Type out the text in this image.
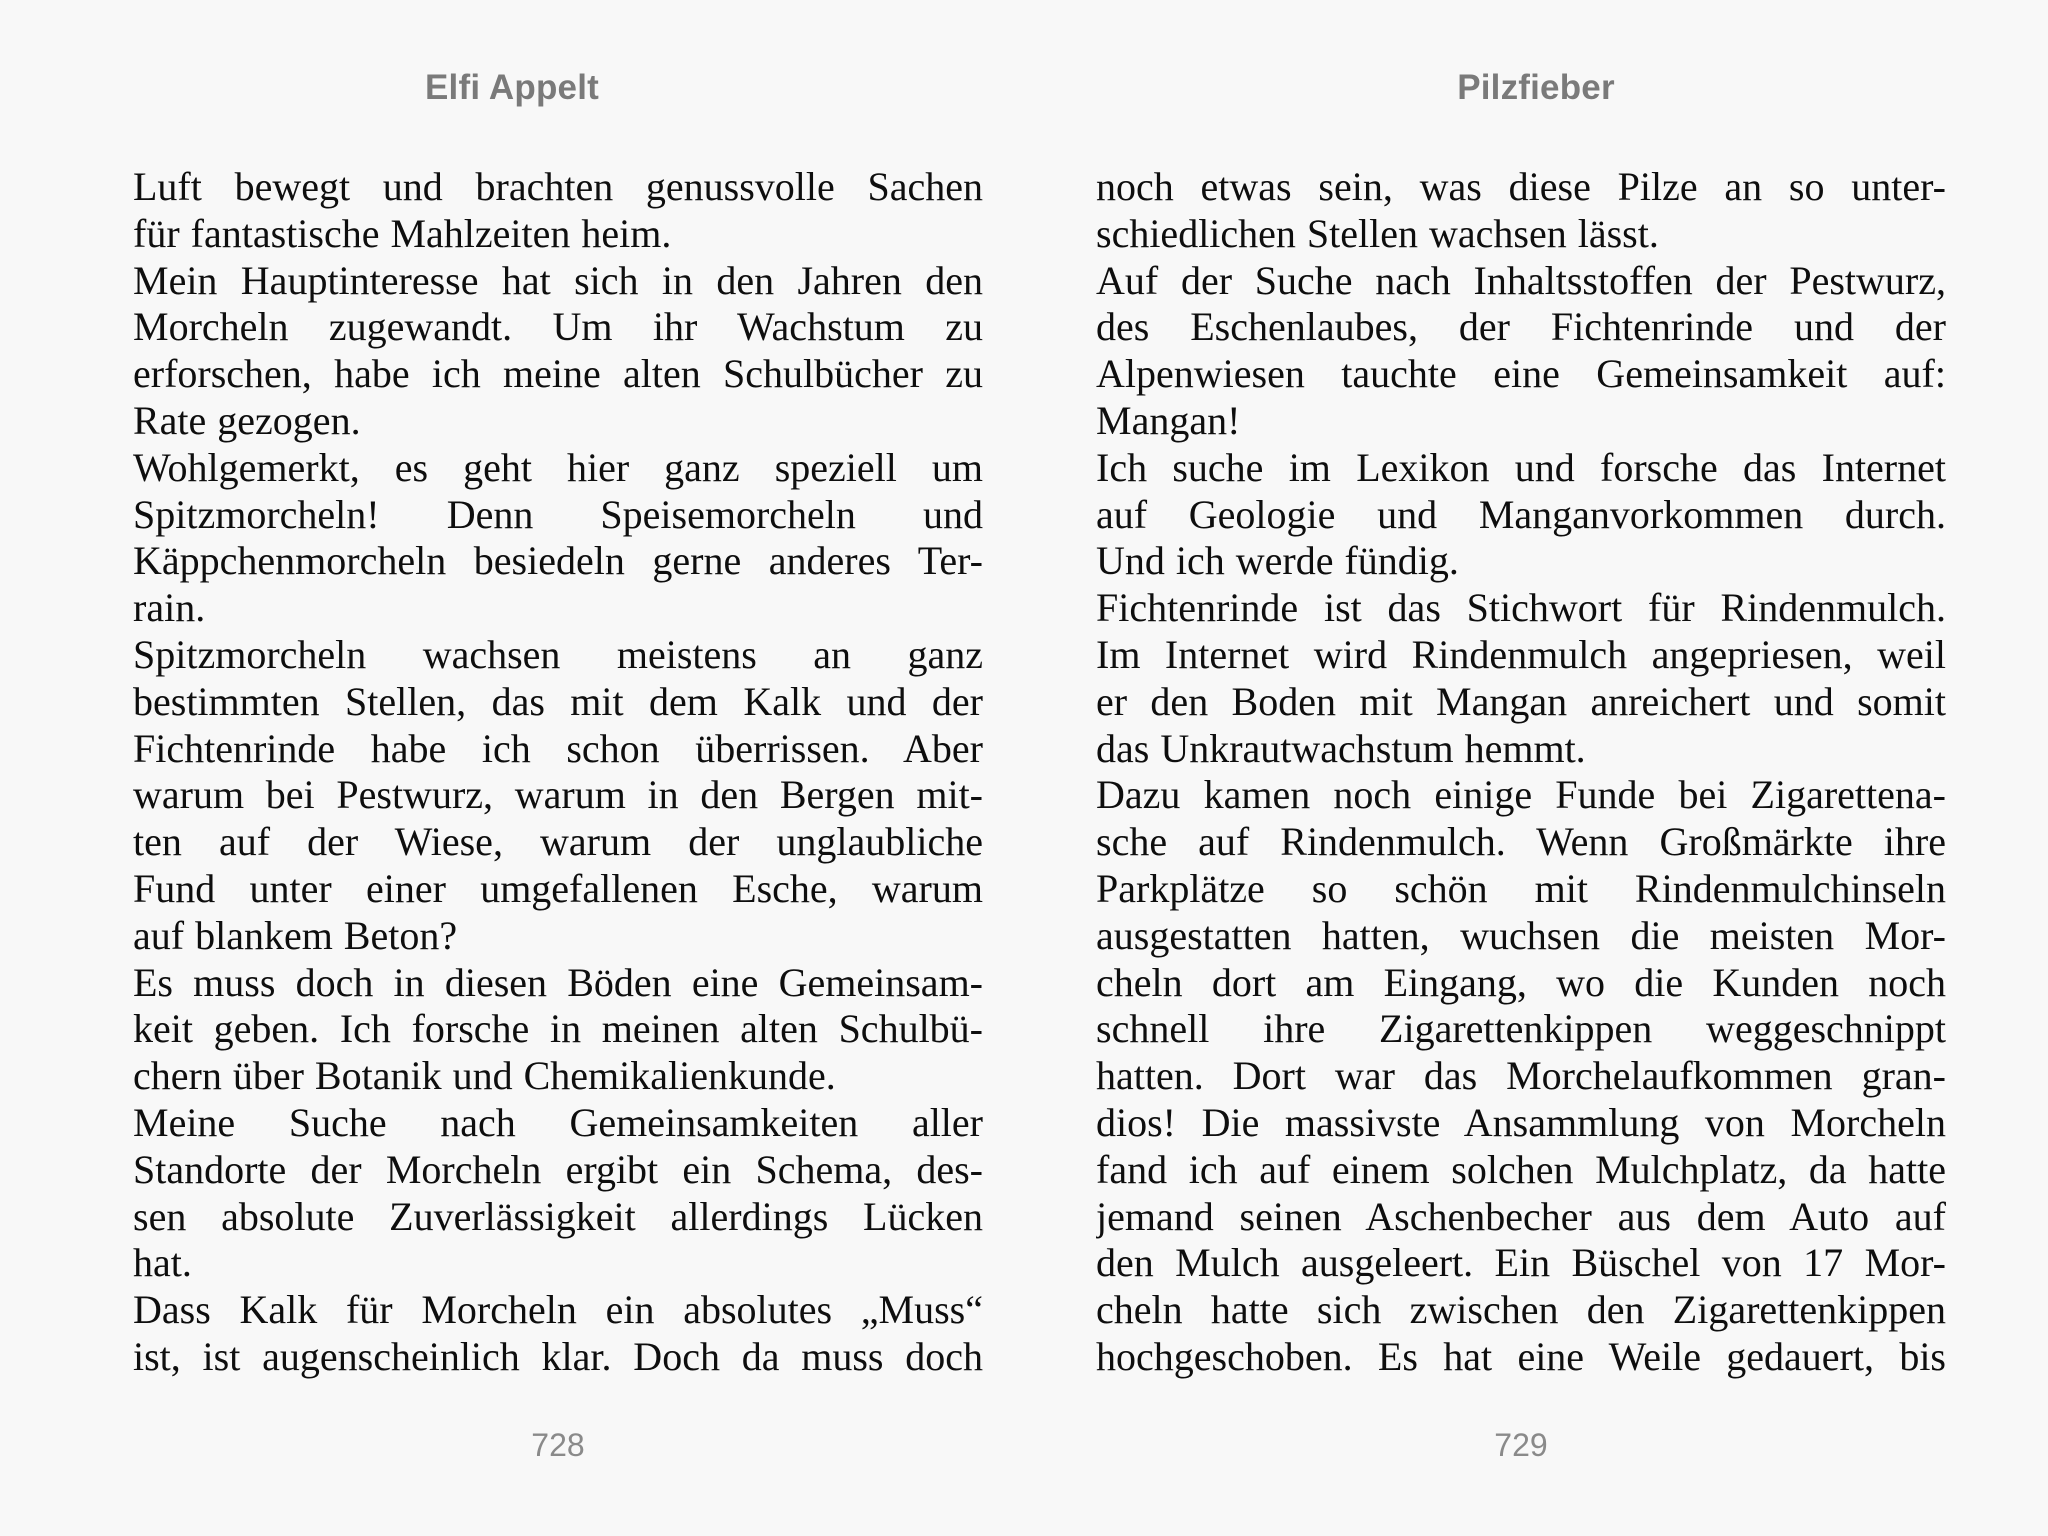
Elfi Appelt
Luft bewegt und brachten genussvolle Sachen
für fantastische Mahlzeiten heim.
Mein Hauptinteresse hat sich in den Jahren den
Morcheln zugewandt. Um ihr Wachstum zu
erforschen, habe ich meine alten Schulbücher zu
Rate gezogen.
Wohlgemerkt, es geht hier ganz speziell um
Spitzmorcheln! Denn Speisemorcheln und
Käppchenmorcheln besiedeln gerne anderes Ter-
rain.
Spitzmorcheln wachsen meistens an ganz
bestimmten Stellen, das mit dem Kalk und der
Fichtenrinde habe ich schon überrissen. Aber
warum bei Pestwurz, warum in den Bergen mit-
ten auf der Wiese, warum der unglaubliche
Fund unter einer umgefallenen Esche, warum
auf blankem Beton?
Es muss doch in diesen Böden eine Gemeinsam-
keit geben. Ich forsche in meinen alten Schulbü-
chern über Botanik und Chemikalienkunde.
Meine Suche nach Gemeinsamkeiten aller
Standorte der Morcheln ergibt ein Schema, des-
sen absolute Zuverlässigkeit allerdings Lücken
hat.
Dass Kalk für Morcheln ein absolutes „Muss“
ist, ist augenscheinlich klar. Doch da muss doch
728
Pilzfieber
noch etwas sein, was diese Pilze an so unter-
schiedlichen Stellen wachsen lässt.
Auf der Suche nach Inhaltsstoffen der Pestwurz,
des Eschenlaubes, der Fichtenrinde und der
Alpenwiesen tauchte eine Gemeinsamkeit auf:
Mangan!
Ich suche im Lexikon und forsche das Internet
auf Geologie und Manganvorkommen durch.
Und ich werde fündig.
Fichtenrinde ist das Stichwort für Rindenmulch.
Im Internet wird Rindenmulch angepriesen, weil
er den Boden mit Mangan anreichert und somit
das Unkrautwachstum hemmt.
Dazu kamen noch einige Funde bei Zigarettena-
sche auf Rindenmulch. Wenn Großmärkte ihre
Parkplätze so schön mit Rindenmulchinseln
ausgestatten hatten, wuchsen die meisten Mor-
cheln dort am Eingang, wo die Kunden noch
schnell ihre Zigarettenkippen weggeschnippt
hatten. Dort war das Morchelaufkommen gran-
dios! Die massivste Ansammlung von Morcheln
fand ich auf einem solchen Mulchplatz, da hatte
jemand seinen Aschenbecher aus dem Auto auf
den Mulch ausgeleert. Ein Büschel von 17 Mor-
cheln hatte sich zwischen den Zigarettenkippen
hochgeschoben. Es hat eine Weile gedauert, bis
729
